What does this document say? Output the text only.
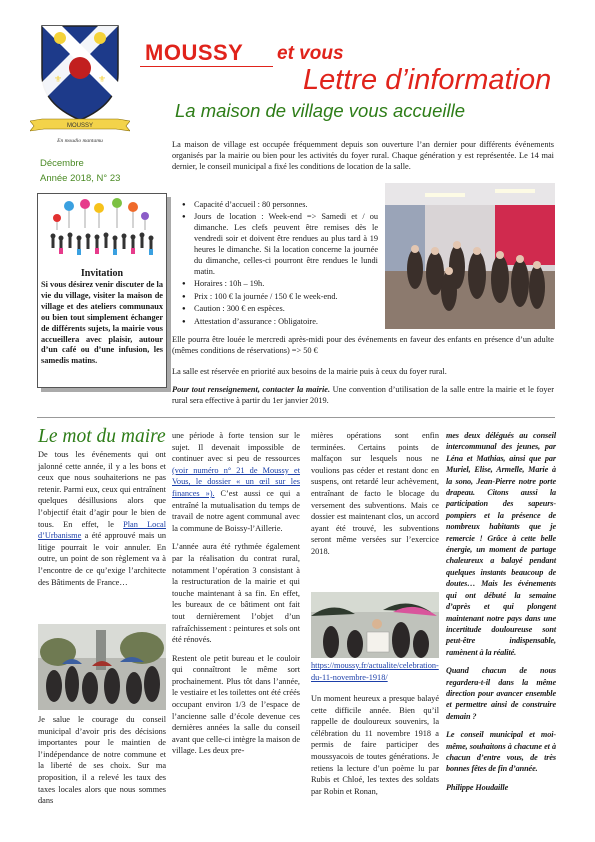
⚜	⚜
MOUSSY
En moudio mantamu
MOUSSY et vous
Lettre d’information
La maison de village vous accueille
Décembre
Année 2018, N° 23
Invitation
Si vous désirez venir discuter de la vie du village, visiter la maison de village et des ateliers communaux ou bien tout simplement échanger de différents sujets, la mairie vous accueillera avec plaisir, autour d’un café ou d’une infusion, les samedis matins.
La maison de village est occupée fréquemment depuis son ouverture l’an dernier pour différents événements organisés par la mairie ou bien pour les activités du foyer rural. Chaque génération y est représentée. Le 14 mai dernier, le conseil municipal a fixé les conditions de location de la salle.
● Capacité d’accueil : 80 personnes.
● Jours de location : Week-end => Samedi et / ou dimanche. Les clefs peuvent être remises dès le vendredi soir et doivent être rendues au plus tard à 19 heures le dimanche. Si la location concerne la journée du dimanche, celles-ci pourront être rendues le lundi matin.
● Horaires : 10h – 19h.
● Prix : 100 € la journée / 150 € le week-end.
● Caution : 300 € en espèces.
● Attestation d’assurance : Obligatoire.
Elle pourra être louée le mercredi après-midi pour des événements en faveur des enfants en présence d’un adulte (mêmes conditions de réservations) => 50 €
La salle est réservée en priorité aux besoins de la mairie puis à ceux du foyer rural.
Pour tout renseignement, contacter la mairie. Une convention d’utilisation de la salle entre la mairie et le foyer rural sera effective à partir du 1er janvier 2019.
Le mot du maire
De tous les événements qui ont jalonné cette année, il y a les bons et ceux que nous souhaiterions ne pas retenir. Parmi eux, ceux qui entraînent quelques désillusions alors que l’objectif était d’agir pour le bien de tous. En effet, le Plan Local d’Urbanisme a été approuvé mais un litige pourrait le voir annuler. En outre, un point de son règlement va à l’encontre de ce qu’exige l’architecte des Bâtiments de France…
Je salue le courage du conseil municipal d’avoir pris des décisions importantes pour le maintien de l’indépendance de notre commune et la liberté de ses choix. Sur ma proposition, il a relevé les taux des taxes locales alors que nous sommes dans
une période à forte tension sur le sujet. Il devenait impossible de continuer avec si peu de ressources (voir numéro n° 21 de Moussy et Vous, le dossier « un œil sur les finances »). C’est aussi ce qui a entraîné la mutualisation du temps de travail de notre agent communal avec la commune de Boissy-l’Aillerie.
L’année aura été rythmée également par la réalisation du contrat rural, notamment l’opération 3 consistant à la restructuration de la mairie et qui touche maintenant à sa fin. En effet, les bureaux de ce bâtiment ont fait tout dernièrement l’objet d’un rafraîchissement : peintures et sols ont été rénovés.
Restent ole petit bureau et le couloir qui connaîtront le même sort prochainement. Plus tôt dans l’année, le vestiaire et les toilettes ont été créés occupant environ 1/3 de l’espace de l’ancienne salle d’école devenue ces dernières années la salle du conseil avant que celle-ci intègre la maison de village. Les deux pre-
mières opérations sont enfin terminées. Certains points de malfaçon sur lesquels nous ne voulions pas céder et restant donc en suspens, ont retardé leur achèvement, entraînant de facto le blocage du versement des subventions. Mais ce dossier est maintenant clos, un accord ayant été trouvé, les subventions seront même versées sur l’exercice 2018.
https://moussy.fr/actualite/celebration-du-11-novembre-1918/
Un moment heureux a presque balayé cette difficile année. Bien qu’il rappelle de douloureux souvenirs, la célébration du 11 novembre 1918 a permis de faire participer des moussyacois de toutes générations. Je retiens la lecture d’un poème lu par Rubis et Chloé, les textes des soldats par Robin et Ronan,
mes deux délégués au conseil intercommunal des jeunes, par Léna et Mathias, ainsi que par Muriel, Elise, Armelle, Marie à la sono, Jean-Pierre notre porte drapeau. Citons aussi la participation des sapeurs-pompiers et la présence de nombreux habitants que je remercie ! Grâce à cette belle énergie, un moment de partage chaleureux a balayé pendant quelques instants beaucoup de doutes… Mais les événements qui ont débuté la semaine d’après et qui plongent maintenant notre pays dans une incertitude douloureuse sont peut-être indispensable, ramènent à la réalité.
Quand chacun de nous regardera-t-il dans la même direction pour avancer ensemble et permettre ainsi de construire demain ?
Le conseil municipal et moi-même, souhaitons à chacune et à chacun d’entre vous, de très bonnes fêtes de fin d’année.
Philippe Houdaille
